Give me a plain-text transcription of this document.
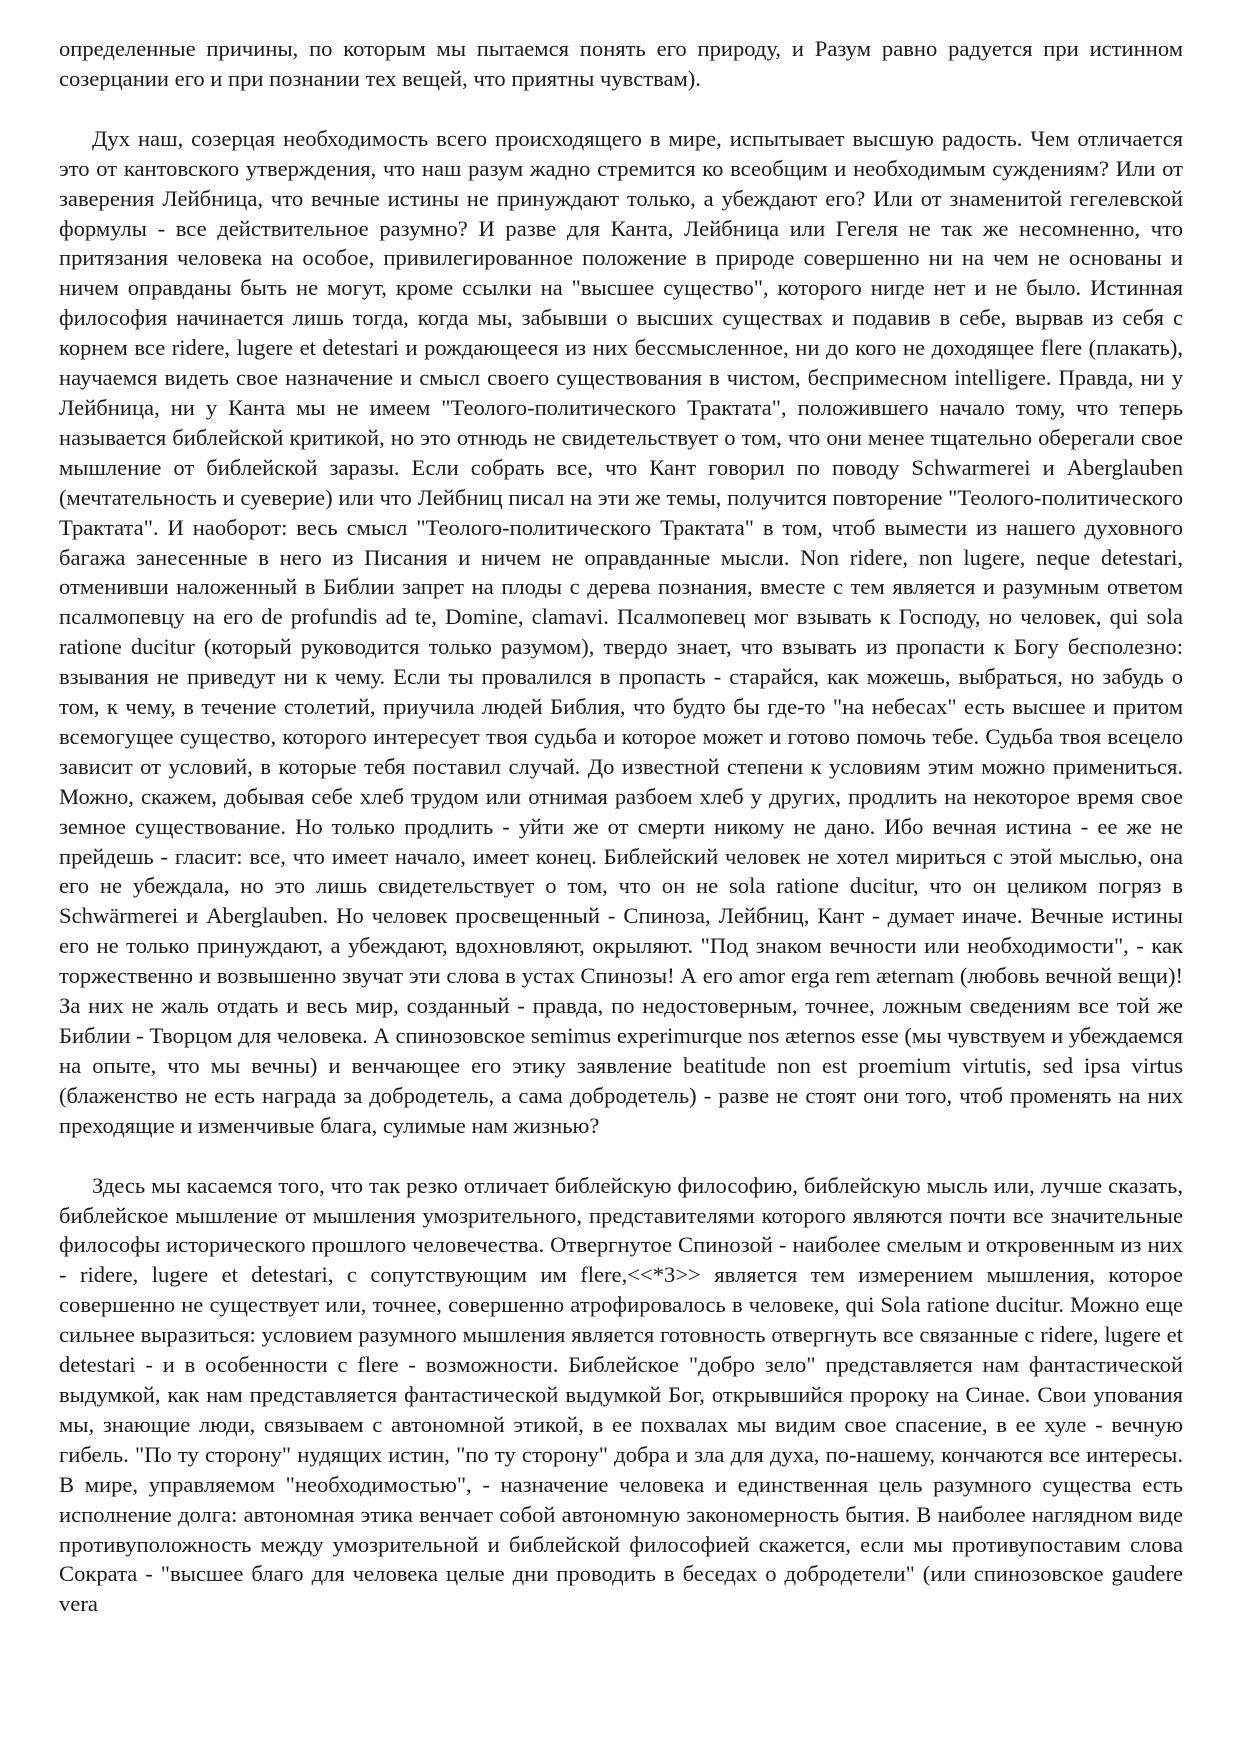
определенные причины, по которым мы пытаемся понять его природу, и Разум равно радуется при истинном созерцании его и при познании тех вещей, что приятны чувствам).

Дух наш, созерцая необходимость всего происходящего в мире, испытывает высшую радость. Чем отличается это от кантовского утверждения, что наш разум жадно стремится ко всеобщим и необходимым суждениям? Или от заверения Лейбница, что вечные истины не принуждают только, а убеждают его? Или от знаменитой гегелевской формулы - все действительное разумно? И разве для Канта, Лейбница или Гегеля не так же несомненно, что притязания человека на особое, привилегированное положение в природе совершенно ни на чем не основаны и ничем оправданы быть не могут, кроме ссылки на "высшее существо", которого нигде нет и не было. Истинная философия начинается лишь тогда, когда мы, забывши о высших существах и подавив в себе, вырвав из себя с корнем все ridere, lugere et detestari и рождающееся из них бессмысленное, ни до кого не доходящее flere (плакать), научаемся видеть свое назначение и смысл своего существования в чистом, беспримесном intelligere. Правда, ни у Лейбница, ни у Канта мы не имеем "Теолого-политического Трактата", положившего начало тому, что теперь называется библейской критикой, но это отнюдь не свидетельствует о том, что они менее тщательно оберегали свое мышление от библейской заразы. Если собрать все, что Кант говорил по поводу Schwarmerei и Aberglauben (мечтательность и суеверие) или что Лейбниц писал на эти же темы, получится повторение "Теолого-политического Трактата". И наоборот: весь смысл "Теолого-политического Трактата" в том, чтоб вымести из нашего духовного багажа занесенные в него из Писания и ничем не оправданные мысли. Non ridere, non lugere, neque detestari, отменивши наложенный в Библии запрет на плоды с дерева познания, вместе с тем является и разумным ответом псалмопевцу на его de profundis ad te, Domine, clamavi. Псалмопевец мог взывать к Господу, но человек, qui sola ratione ducitur (который руководится только разумом), твердо знает, что взывать из пропасти к Богу бесполезно: взывания не приведут ни к чему. Если ты провалился в пропасть - старайся, как можешь, выбраться, но забудь о том, к чему, в течение столетий, приучила людей Библия, что будто бы где-то "на небесах" есть высшее и притом всемогущее существо, которого интересует твоя судьба и которое может и готово помочь тебе. Судьба твоя всецело зависит от условий, в которые тебя поставил случай. До известной степени к условиям этим можно примениться. Можно, скажем, добывая себе хлеб трудом или отнимая разбоем хлеб у других, продлить на некоторое время свое земное существование. Но только продлить - уйти же от смерти никому не дано. Ибо вечная истина - ее же не прейдешь - гласит: все, что имеет начало, имеет конец. Библейский человек не хотел мириться с этой мыслью, она его не убеждала, но это лишь свидетельствует о том, что он не sola ratione ducitur, что он целиком погряз в Schwärmerei и Aberglauben. Но человек просвещенный - Спиноза, Лейбниц, Кант - думает иначе. Вечные истины его не только принуждают, а убеждают, вдохновляют, окрыляют. "Под знаком вечности или необходимости", - как торжественно и возвышенно звучат эти слова в устах Спинозы! А его amor erga rem æternam (любовь вечной вещи)! За них не жаль отдать и весь мир, созданный - правда, по недостоверным, точнее, ложным сведениям все той же Библии - Творцом для человека. А спинозовское semimus experimurque nos æternos esse (мы чувствуем и убеждаемся на опыте, что мы вечны) и венчающее его этику заявление beatitude non est proemium virtutis, sed ipsa virtus (блаженство не есть награда за добродетель, а сама добродетель) - разве не стоят они того, чтоб променять на них преходящие и изменчивые блага, сулимые нам жизнью?

Здесь мы касаемся того, что так резко отличает библейскую философию, библейскую мысль или, лучше сказать, библейское мышление от мышления умозрительного, представителями которого являются почти все значительные философы исторического прошлого человечества. Отвергнутое Спинозой - наиболее смелым и откровенным из них - ridere, lugere et detestari, с сопутствующим им flere,<<*3>> является тем измерением мышления, которое совершенно не существует или, точнее, совершенно атрофировалось в человеке, qui Sola ratione ducitur. Можно еще сильнее выразиться: условием разумного мышления является готовность отвергнуть все связанные с ridere, lugere et detestari - и в особенности с flere - возможности. Библейское "добро зело" представляется нам фантастической выдумкой, как нам представляется фантастической выдумкой Бог, открывшийся пророку на Синае. Свои упования мы, знающие люди, связываем с автономной этикой, в ее похвалах мы видим свое спасение, в ее хуле - вечную гибель. "По ту сторону" нудящих истин, "по ту сторону" добра и зла для духа, по-нашему, кончаются все интересы. В мире, управляемом "необходимостью", - назначение человека и единственная цель разумного существа есть исполнение долга: автономная этика венчает собой автономную закономерность бытия. В наиболее наглядном виде противуположность между умозрительной и библейской философией скажется, если мы противупоставим слова Сократа - "высшее благо для человека целые дни проводить в беседах о добродетели" (или спинозовское gaudere vera
